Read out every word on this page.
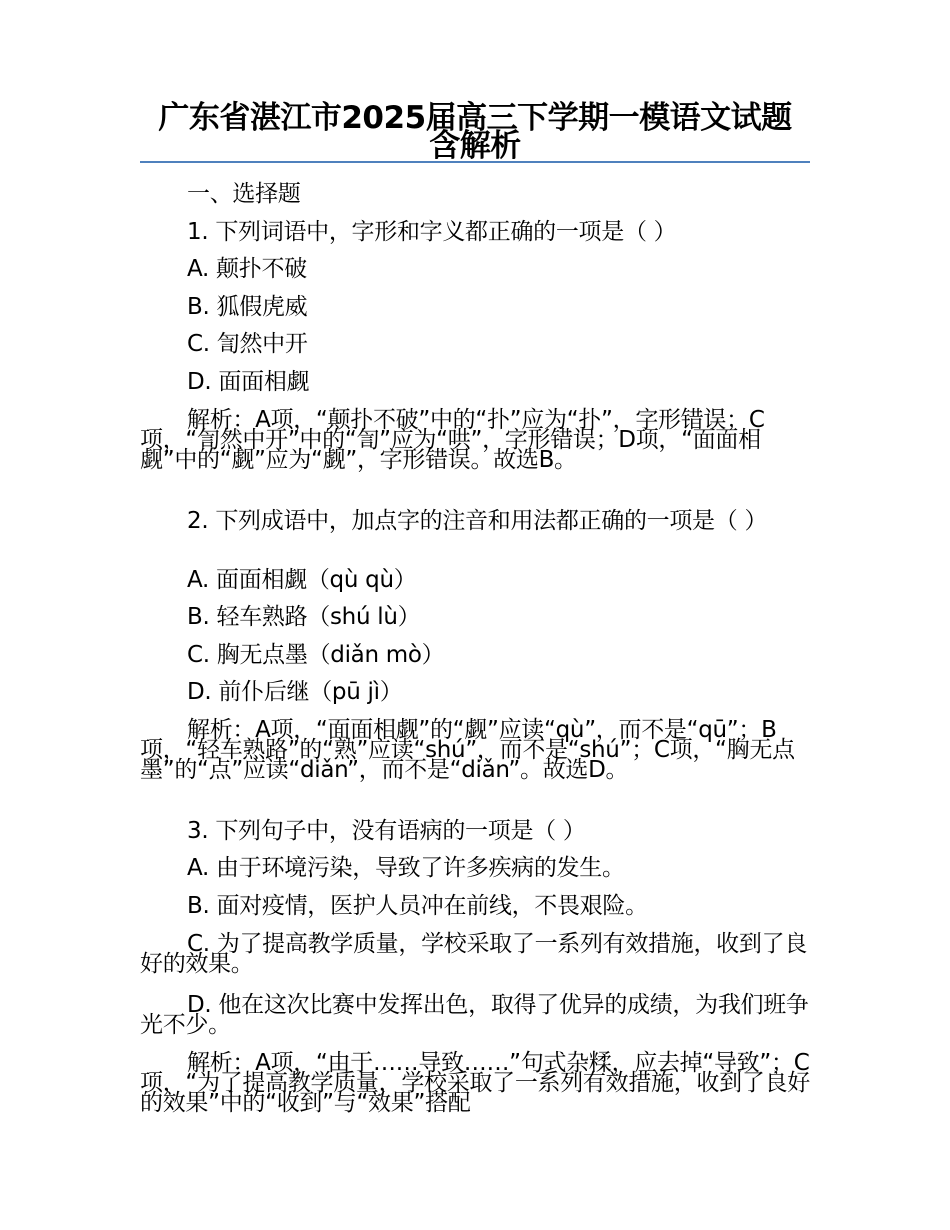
广东省湛江市2025届高三下学期一模语文试题 含解析

一、选择题

1. 下列词语中，字形和字义都正确的一项是（ ）

A. 颠扑不破

B. 狐假虎威

C. 訇然中开

D. 面面相觑

解析：A项，“颠扑不破”中的“扑”应为“扑”，字形错误；C项，“訇然中开”中的“訇”应为“哄”，字形错误；D项，“面面相觑”中的“觑”应为“觑”，字形错误。故选B。

2. 下列成语中，加点字的注音和用法都正确的一项是（ ）

A. 面面相觑（qù qù）

B. 轻车熟路（shú lù）

C. 胸无点墨（diǎn mò）

D. 前仆后继（pū jì）

解析：A项，“面面相觑”的“觑”应读“qù”，而不是“qū”；B项，“轻车熟路”的“熟”应读“shú”，而不是“shú”；C项，“胸无点墨”的“点”应读“diǎn”，而不是“diǎn”。故选D。

3. 下列句子中，没有语病的一项是（ ）

A. 由于环境污染，导致了许多疾病的发生。

B. 面对疫情，医护人员冲在前线，不畏艰险。

C. 为了提高教学质量，学校采取了一系列有效措施，收到了良好的效果。

D. 他在这次比赛中发挥出色，取得了优异的成绩，为我们班争光不少。

解析：A项，“由于……导致……”句式杂糅，应去掉“导致”；C项，“为了提高教学质量，学校采取了一系列有效措施，收到了良好的效果”中的“收到”与“效果”搭配
